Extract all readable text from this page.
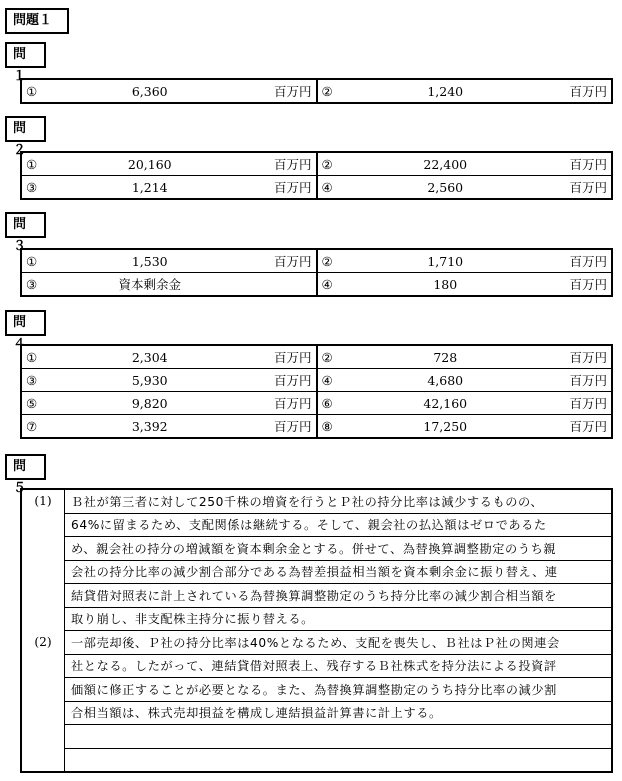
問題１
問１
問２
問３
問４
問５
①	6,360	百万円	②	1,240	百万円
①	20,160	百万円	②	22,400	百万円
③	1,214	百万円	④	2,560	百万円
①	1,530	百万円	②	1,710	百万円
③	資本剰余金		④	180	百万円
①	2,304	百万円	②	728	百万円
③	5,930	百万円	④	4,680	百万円
⑤	9,820	百万円	⑥	42,160	百万円
⑦	3,392	百万円	⑧	17,250	百万円
(1)	Ｂ社が第三者に対して250千株の増資を行うとＰ社の持分比率は減少するものの、
	64%に留まるため、支配関係は継続する。そして、親会社の払込額はゼロであるた
	め、親会社の持分の増減額を資本剰余金とする。併せて、為替換算調整勘定のうち親
	会社の持分比率の減少割合部分である為替差損益相当額を資本剰余金に振り替え、連
	結貸借対照表に計上されている為替換算調整勘定のうち持分比率の減少割合相当額を
	取り崩し、非支配株主持分に振り替える。
(2)	一部売却後、Ｐ社の持分比率は40%となるため、支配を喪失し、Ｂ社はＰ社の関連会
	社となる。したがって、連結貸借対照表上、残存するＢ社株式を持分法による投資評
	価額に修正することが必要となる。また、為替換算調整勘定のうち持分比率の減少割
	合相当額は、株式売却損益を構成し連結損益計算書に計上する。
